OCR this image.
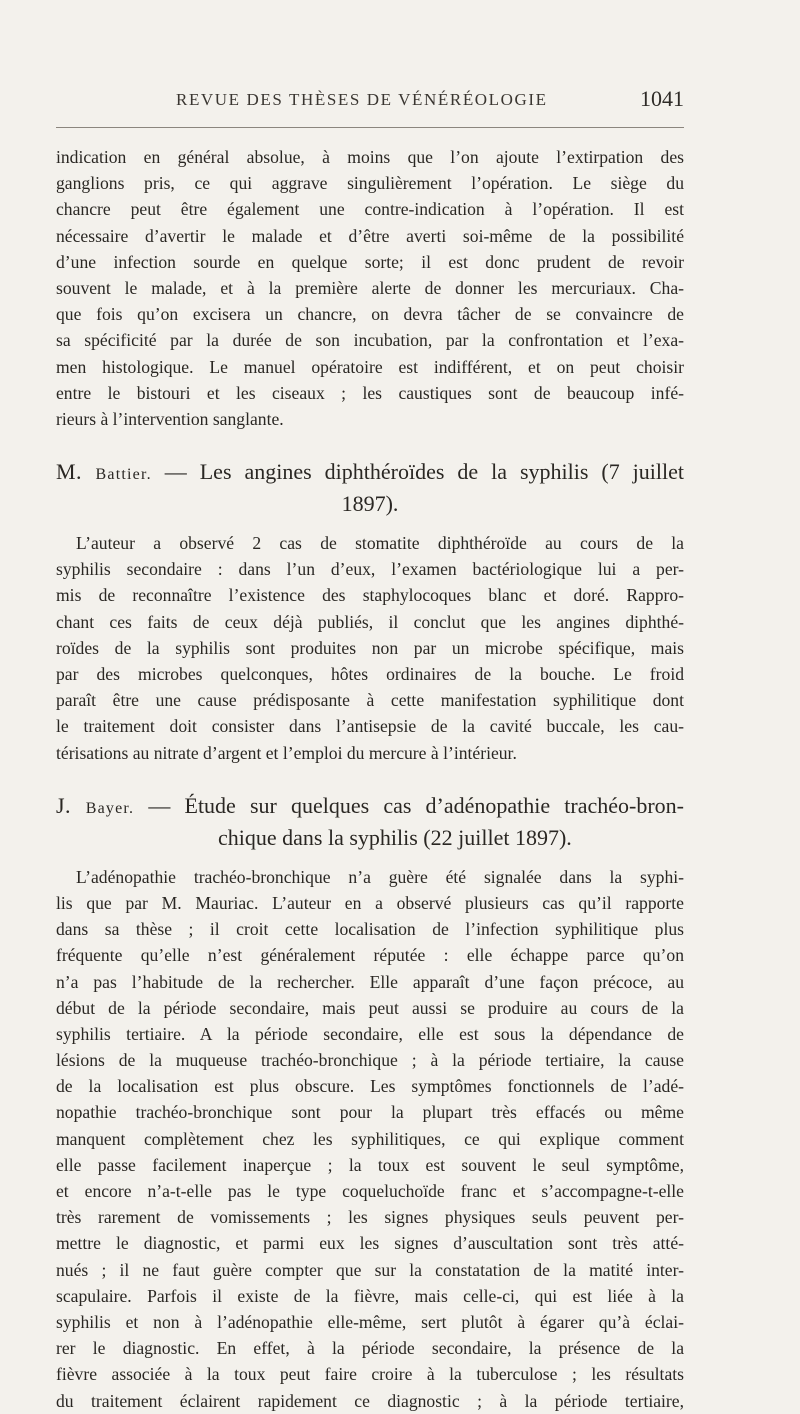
REVUE DES THÈSES DE VÉNÉRÉOLOGIE	1041
indication en général absolue, à moins que l’on ajoute l’extirpation des
ganglions pris, ce qui aggrave singulièrement l’opération. Le siège du
chancre peut être également une contre-indication à l’opération. Il est
nécessaire d’avertir le malade et d’être averti soi-même de la possibilité
d’une infection sourde en quelque sorte; il est donc prudent de revoir
souvent le malade, et à la première alerte de donner les mercuriaux. Cha-
que fois qu’on excisera un chancre, on devra tâcher de se convaincre de
sa spécificité par la durée de son incubation, par la confrontation et l’exa-
men histologique. Le manuel opératoire est indifférent, et on peut choisir
entre le bistouri et les ciseaux ; les caustiques sont de beaucoup infé-
rieurs à l’intervention sanglante.
M. Battier. — Les angines diphthéroïdes de la syphilis (7 juillet
1897).
L’auteur a observé 2 cas de stomatite diphthéroïde au cours de la
syphilis secondaire : dans l’un d’eux, l’examen bactériologique lui a per-
mis de reconnaître l’existence des staphylocoques blanc et doré. Rappro-
chant ces faits de ceux déjà publiés, il conclut que les angines diphthé-
roïdes de la syphilis sont produites non par un microbe spécifique, mais
par des microbes quelconques, hôtes ordinaires de la bouche. Le froid
paraît être une cause prédisposante à cette manifestation syphilitique dont
le traitement doit consister dans l’antisepsie de la cavité buccale, les cau-
térisations au nitrate d’argent et l’emploi du mercure à l’intérieur.
J. Bayer. — Étude sur quelques cas d’adénopathie trachéo-bron-
chique dans la syphilis (22 juillet 1897).
L’adénopathie trachéo-bronchique n’a guère été signalée dans la syphi-
lis que par M. Mauriac. L’auteur en a observé plusieurs cas qu’il rapporte
dans sa thèse ; il croit cette localisation de l’infection syphilitique plus
fréquente qu’elle n’est généralement réputée : elle échappe parce qu’on
n’a pas l’habitude de la rechercher. Elle apparaît d’une façon précoce, au
début de la période secondaire, mais peut aussi se produire au cours de la
syphilis tertiaire. A la période secondaire, elle est sous la dépendance de
lésions de la muqueuse trachéo-bronchique ; à la période tertiaire, la cause
de la localisation est plus obscure. Les symptômes fonctionnels de l’adé-
nopathie trachéo-bronchique sont pour la plupart très effacés ou même
manquent complètement chez les syphilitiques, ce qui explique comment
elle passe facilement inaperçue ; la toux est souvent le seul symptôme,
et encore n’a-t-elle pas le type coqueluchoïde franc et s’accompagne-t-elle
très rarement de vomissements ; les signes physiques seuls peuvent per-
mettre le diagnostic, et parmi eux les signes d’auscultation sont très atté-
nués ; il ne faut guère compter que sur la constatation de la matité inter-
scapulaire. Parfois il existe de la fièvre, mais celle-ci, qui est liée à la
syphilis et non à l’adénopathie elle-même, sert plutôt à égarer qu’à éclai-
rer le diagnostic. En effet, à la période secondaire, la présence de la
fièvre associée à la toux peut faire croire à la tuberculose ; les résultats
du traitement éclairent rapidement ce diagnostic ; à la période tertiaire,
